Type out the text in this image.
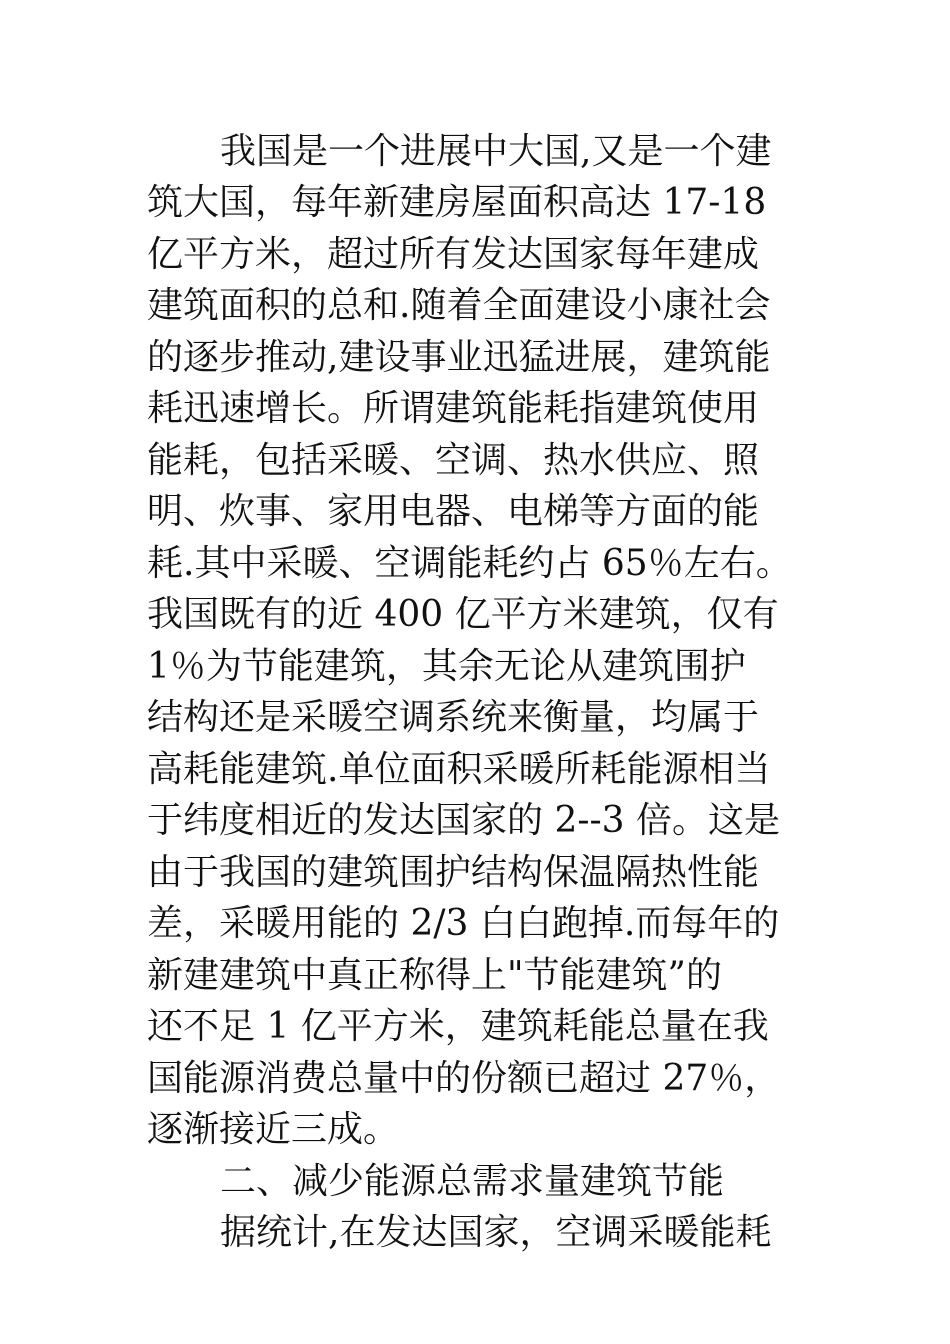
我国是一个进展中大国,又是一个建
筑大国，每年新建房屋面积高达 17-18
亿平方米，超过所有发达国家每年建成
建筑面积的总和.随着全面建设小康社会
的逐步推动,建设事业迅猛进展，建筑能
耗迅速增长。所谓建筑能耗指建筑使用
能耗，包括采暖、空调、热水供应、照
明、炊事、家用电器、电梯等方面的能
耗.其中采暖、空调能耗约占 65％左右。
我国既有的近 400 亿平方米建筑，仅有
1％为节能建筑，其余无论从建筑围护
结构还是采暖空调系统来衡量，均属于
高耗能建筑.单位面积采暖所耗能源相当
于纬度相近的发达国家的 2--3 倍。这是
由于我国的建筑围护结构保温隔热性能
差，采暖用能的 2/3 白白跑掉.而每年的
新建建筑中真正称得上"节能建筑”的
还不足 1 亿平方米，建筑耗能总量在我
国能源消费总量中的份额已超过 27％，
逐渐接近三成。
二、减少能源总需求量建筑节能
据统计,在发达国家，空调采暖能耗
